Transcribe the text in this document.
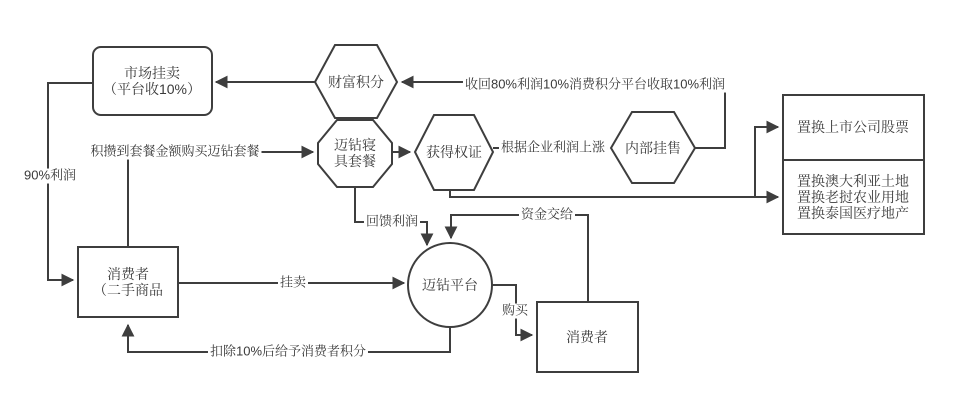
市场挂卖
（平台收10%）	财富积分
迈钻寝
具套餐
获得权证	内部挂售
置换上市公司股票
置换澳大利亚土地
置换老挝农业用地
置换泰国医疗地产
消费者
（二手商品	迈钻平台
消费者
收回80%利润10%消费积分平台收取10%利润
90%利润
积攒到套餐金额购买迈钻套餐	根据企业利润上涨
回馈利润	资金交给
挂卖
购买
扣除10%后给予消费者积分
